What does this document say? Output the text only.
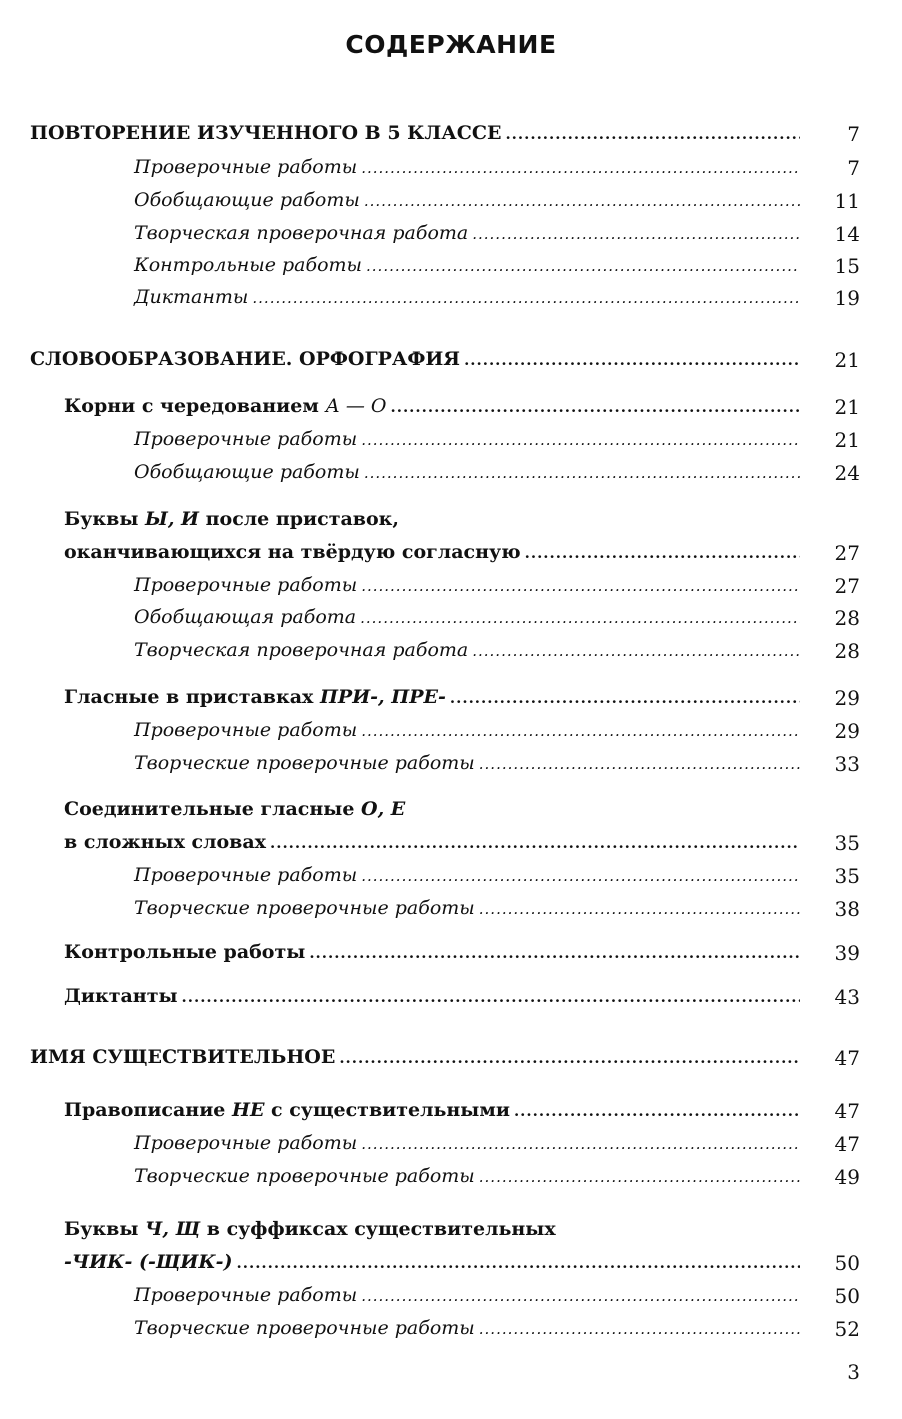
СОДЕРЖАНИЕ
ПОВТОРЕНИЕ ИЗУЧЕННОГО В 5 КЛАССЕ .....	7
Проверочные работы .....	7
Обобщающие работы .....	11
Творческая проверочная работа .....	14
Контрольные работы .....	15
Диктанты .....	19
СЛОВООБРАЗОВАНИЕ. ОРФОГРАФИЯ .....	21
Корни с чередованием А — О .....	21
Проверочные работы .....	21
Обобщающие работы .....	24
Буквы Ы, И после приставок,
оканчивающихся на твёрдую согласную .....	27
Проверочные работы .....	27
Обобщающая работа .....	28
Творческая проверочная работа .....	28
Гласные в приставках ПРИ-, ПРЕ- .....	29
Проверочные работы .....	29
Творческие проверочные работы .....	33
Соединительные гласные О, Е
в сложных словах .....	35
Проверочные работы .....	35
Творческие проверочные работы .....	38
Контрольные работы .....	39
Диктанты .....	43
ИМЯ СУЩЕСТВИТЕЛЬНОЕ .....	47
Правописание НЕ с существительными .....	47
Проверочные работы .....	47
Творческие проверочные работы .....	49
Буквы Ч, Щ в суффиксах существительных
-ЧИК- (-ЩИК-) .....	50
Проверочные работы .....	50
Творческие проверочные работы .....	52
3
